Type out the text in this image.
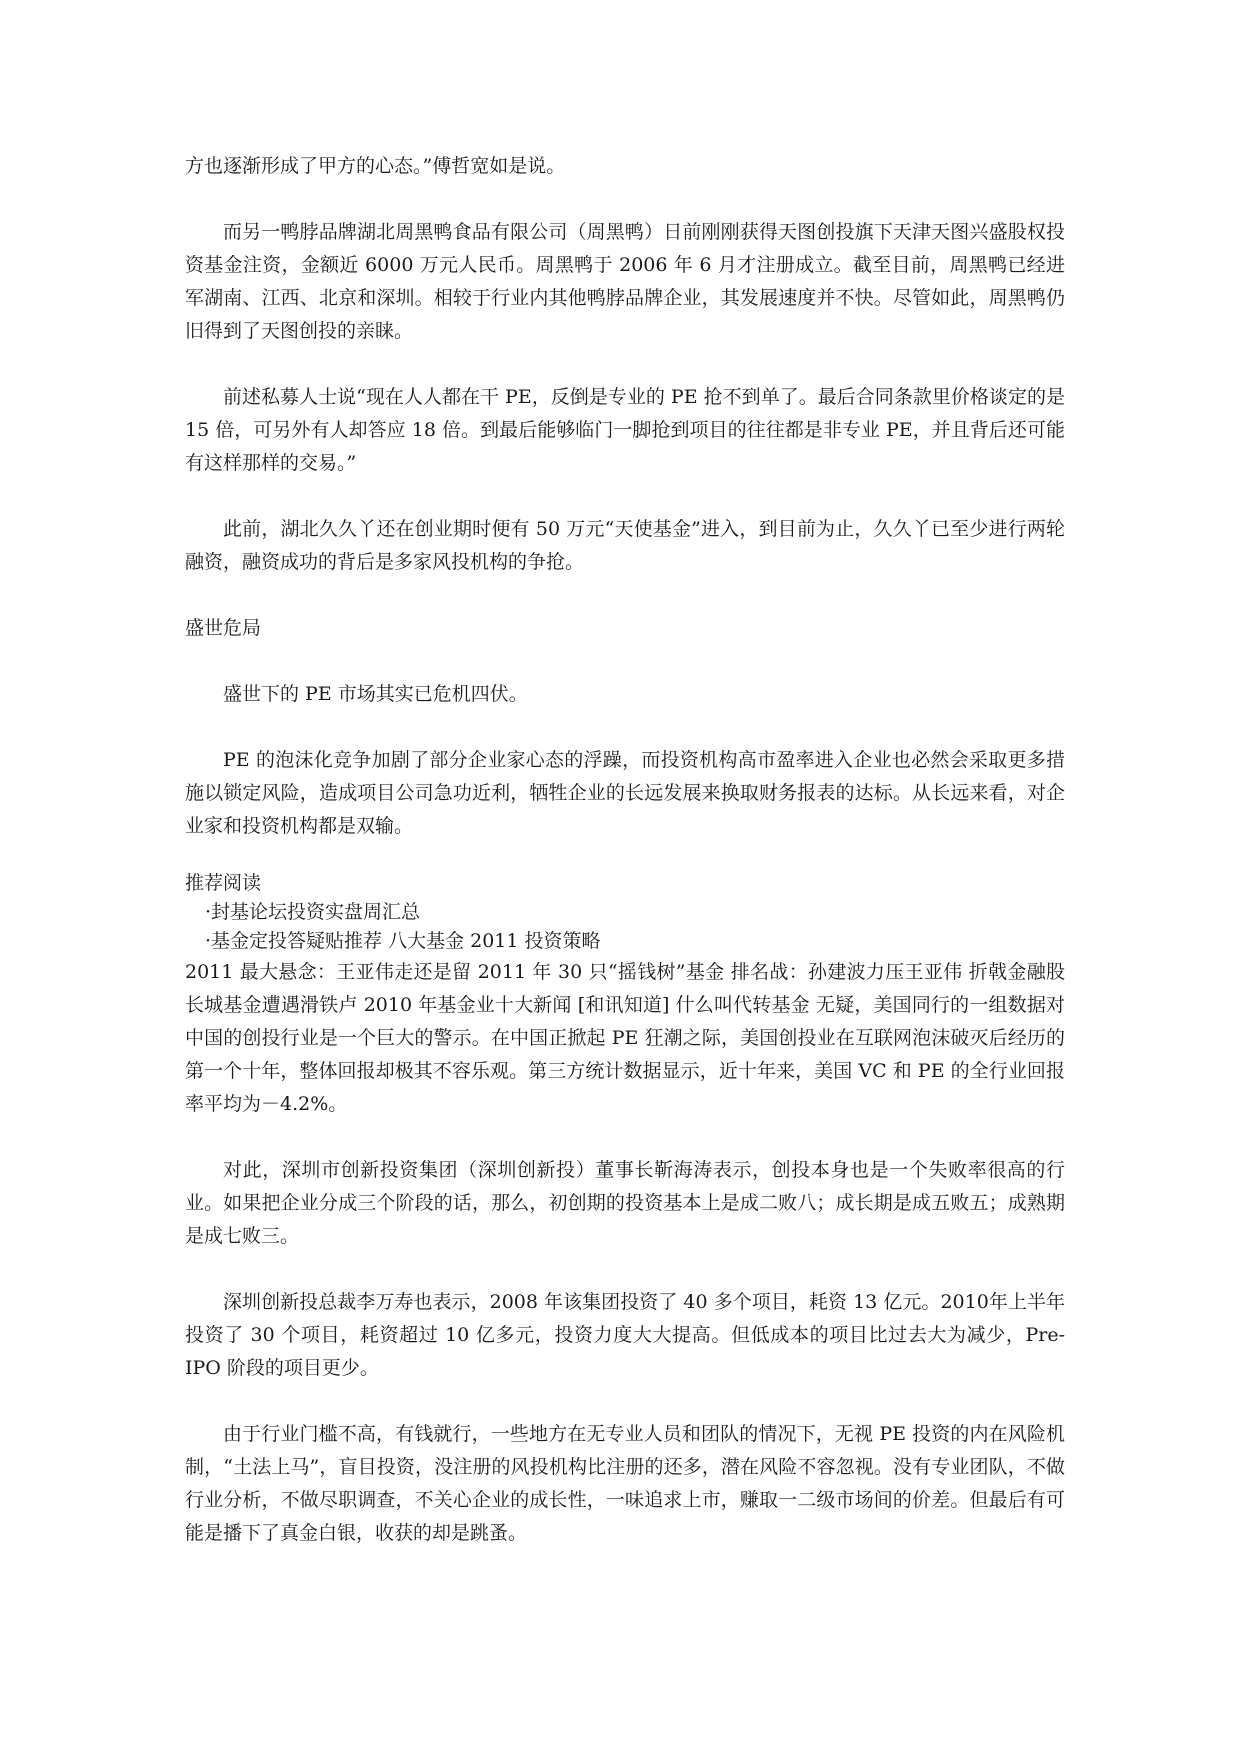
方也逐渐形成了甲方的心态。”傅哲宽如是说。

而另一鸭脖品牌湖北周黑鸭食品有限公司（周黑鸭）日前刚刚获得天图创投旗下天津天图兴盛股权投资基金注资，金额近 6000 万元人民币。周黑鸭于 2006 年 6 月才注册成立。截至目前，周黑鸭已经进军湖南、江西、北京和深圳。相较于行业内其他鸭脖品牌企业，其发展速度并不快。尽管如此，周黑鸭仍旧得到了天图创投的亲睐。

前述私募人士说“现在人人都在干 PE，反倒是专业的 PE 抢不到单了。最后合同条款里价格谈定的是 15 倍，可另外有人却答应 18 倍。到最后能够临门一脚抢到项目的往往都是非专业 PE，并且背后还可能有这样那样的交易。”

此前，湖北久久丫还在创业期时便有 50 万元“天使基金”进入，到目前为止，久久丫已至少进行两轮融资，融资成功的背后是多家风投机构的争抢。

盛世危局

盛世下的 PE 市场其实已危机四伏。

PE 的泡沫化竞争加剧了部分企业家心态的浮躁，而投资机构高市盈率进入企业也必然会采取更多措施以锁定风险，造成项目公司急功近利，牺牲企业的长远发展来换取财务报表的达标。从长远来看，对企业家和投资机构都是双输。

推荐阅读

·封基论坛投资实盘周汇总

·基金定投答疑贴推荐 八大基金 2011 投资策略

2011 最大悬念：王亚伟走还是留 2011 年 30 只“摇钱树”基金 排名战：孙建波力压王亚伟 折戟金融股 长城基金遭遇滑铁卢 2010 年基金业十大新闻 [和讯知道] 什么叫代转基金 无疑，美国同行的一组数据对中国的创投行业是一个巨大的警示。在中国正掀起 PE 狂潮之际，美国创投业在互联网泡沫破灭后经历的第一个十年，整体回报却极其不容乐观。第三方统计数据显示，近十年来，美国 VC 和 PE 的全行业回报率平均为－4.2%。

对此，深圳市创新投资集团（深圳创新投）董事长靳海涛表示，创投本身也是一个失败率很高的行业。如果把企业分成三个阶段的话，那么，初创期的投资基本上是成二败八；成长期是成五败五；成熟期是成七败三。

深圳创新投总裁李万寿也表示，2008 年该集团投资了 40 多个项目，耗资 13 亿元。2010年上半年投资了 30 个项目，耗资超过 10 亿多元，投资力度大大提高。但低成本的项目比过去大为减少，Pre-IPO 阶段的项目更少。

由于行业门槛不高，有钱就行，一些地方在无专业人员和团队的情况下，无视 PE 投资的内在风险机制，“土法上马”，盲目投资，没注册的风投机构比注册的还多，潜在风险不容忽视。没有专业团队，不做行业分析，不做尽职调查，不关心企业的成长性，一味追求上市，赚取一二级市场间的价差。但最后有可能是播下了真金白银，收获的却是跳蚤。
